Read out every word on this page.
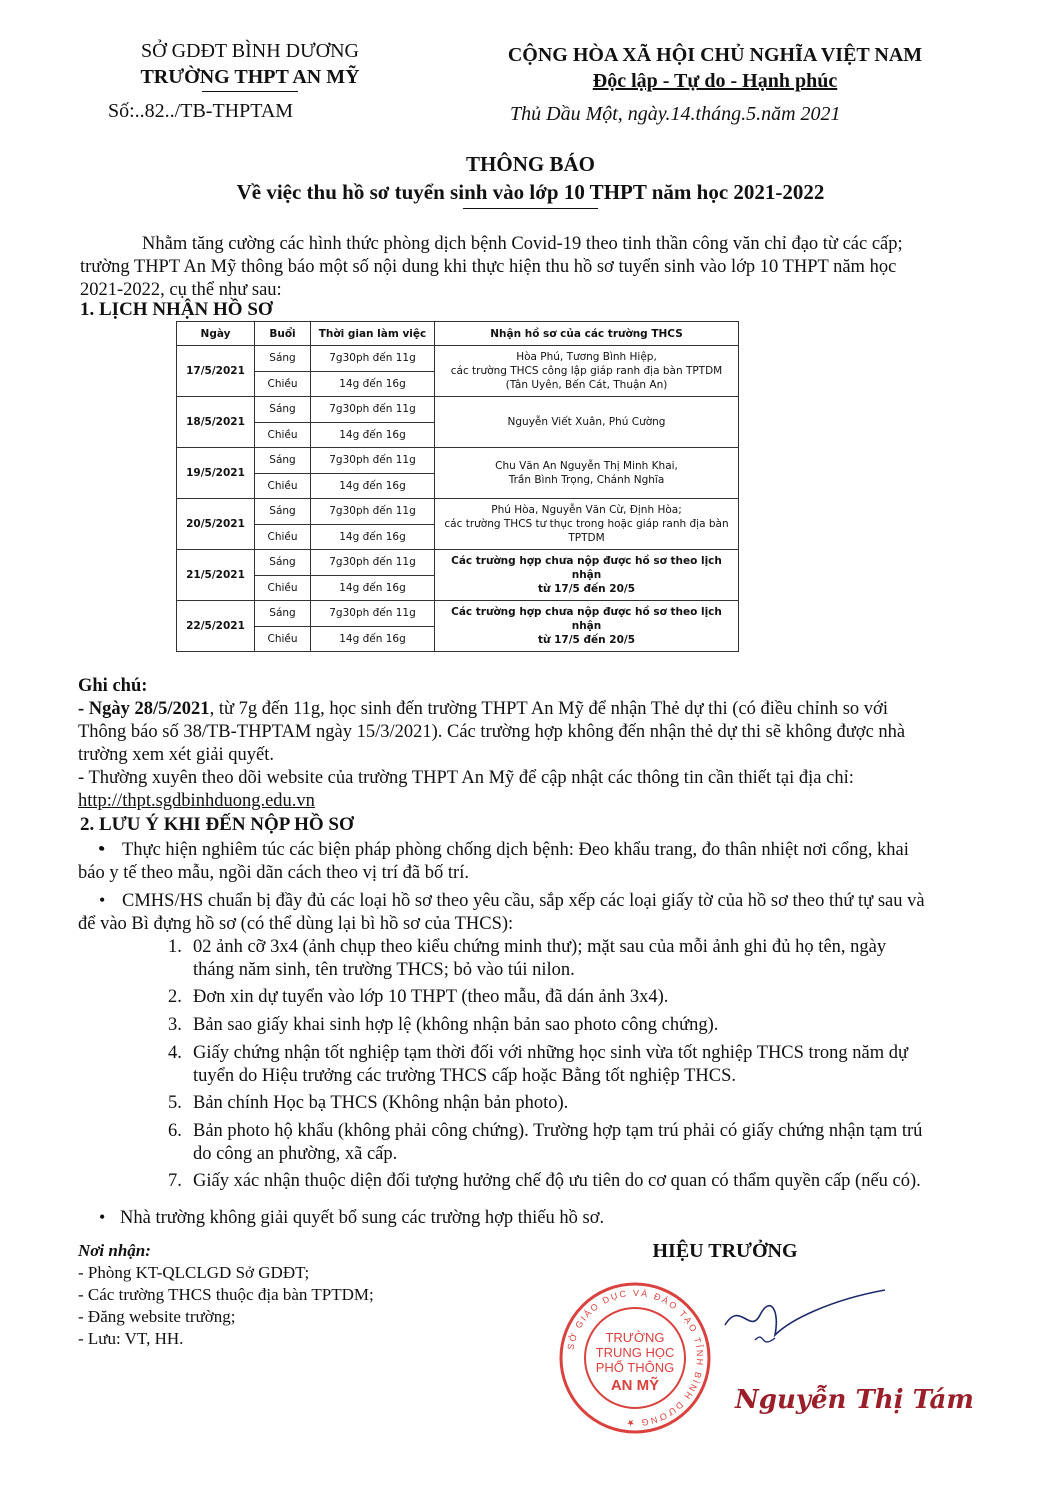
SỞ GDĐT BÌNH DƯƠNG
TRƯỜNG THPT AN MỸ
Số:..82../TB-THPTAM
CỘNG HÒA XÃ HỘI CHỦ NGHĨA VIỆT NAM
Độc lập - Tự do - Hạnh phúc
Thủ Dầu Một, ngày.14.tháng.5.năm 2021
THÔNG BÁO
Về việc thu hồ sơ tuyển sinh vào lớp 10 THPT năm học 2021-2022
Nhằm tăng cường các hình thức phòng dịch bệnh Covid-19 theo tinh thần công văn chỉ đạo từ các cấp;
trường THPT An Mỹ thông báo một số nội dung khi thực hiện thu hồ sơ tuyển sinh vào lớp 10 THPT năm học
2021-2022, cụ thể như sau:
1. LỊCH NHẬN HỒ SƠ
Ngày	Buổi	Thời gian làm việc	Nhận hồ sơ của các trường THCS
17/5/2021	Sáng	7g30ph đến 11g	Hòa Phú, Tương Bình Hiệp,
các trường THCS công lập giáp ranh địa bàn TPTDM
(Tân Uyên, Bến Cát, Thuận An)

	Chiều	14g đến 16g	
18/5/2021	Sáng	7g30ph đến 11g	Nguyễn Viết Xuân, Phú Cường

	Chiều	14g đến 16g	
19/5/2021	Sáng	7g30ph đến 11g	Chu Văn An Nguyễn Thị Minh Khai,
Trần Bình Trọng, Chánh Nghĩa

	Chiều	14g đến 16g	
20/5/2021	Sáng	7g30ph đến 11g	Phú Hòa, Nguyễn Văn Cừ, Định Hòa;
các trường THCS tư thục trong hoặc giáp ranh địa bàn
TPTDM

	Chiều	14g đến 16g	
21/5/2021	Sáng	7g30ph đến 11g	Các trường hợp chưa nộp được hồ sơ theo lịch nhận
từ 17/5 đến 20/5

	Chiều	14g đến 16g	
22/5/2021	Sáng	7g30ph đến 11g	Các trường hợp chưa nộp được hồ sơ theo lịch nhận
từ 17/5 đến 20/5

	Chiều	14g đến 16g	
Ghi chú:
- Ngày 28/5/2021, từ 7g đến 11g, học sinh đến trường THPT An Mỹ để nhận Thẻ dự thi (có điều chỉnh so với
Thông báo số 38/TB-THPTAM ngày 15/3/2021). Các trường hợp không đến nhận thẻ dự thi sẽ không được nhà
trường xem xét giải quyết.
- Thường xuyên theo dõi website của trường THPT An Mỹ để cập nhật các thông tin cần thiết tại địa chỉ:
http://thpt.sgdbinhduong.edu.vn
2. LƯU Ý KHI ĐẾN NỘP HỒ SƠ
Thực hiện nghiêm túc các biện pháp phòng chống dịch bệnh: Đeo khẩu trang, đo thân nhiệt nơi cổng, khai
báo y tế theo mẫu, ngồi dãn cách theo vị trí đã bố trí.
•
CMHS/HS chuẩn bị đầy đủ các loại hồ sơ theo yêu cầu, sắp xếp các loại giấy tờ của hồ sơ theo thứ tự sau và
để vào Bì đựng hồ sơ (có thể dùng lại bì hồ sơ của THCS):
•
1. 02 ảnh cỡ 3x4 (ảnh chụp theo kiểu chứng minh thư); mặt sau của mỗi ảnh ghi đủ họ tên, ngày
tháng năm sinh, tên trường THCS; bỏ vào túi nilon.
2. Đơn xin dự tuyển vào lớp 10 THPT (theo mẫu, đã dán ảnh 3x4).
3. Bản sao giấy khai sinh hợp lệ (không nhận bản sao photo công chứng).
4. Giấy chứng nhận tốt nghiệp tạm thời đối với những học sinh vừa tốt nghiệp THCS trong năm dự
tuyển do Hiệu trưởng các trường THCS cấp hoặc Bằng tốt nghiệp THCS.
5. Bản chính Học bạ THCS (Không nhận bản photo).
6. Bản photo hộ khẩu (không phải công chứng). Trường hợp tạm trú phải có giấy chứng nhận tạm trú
do công an phường, xã cấp.
7. Giấy xác nhận thuộc diện đối tượng hưởng chế độ ưu tiên do cơ quan có thẩm quyền cấp (nếu có).
• Nhà trường không giải quyết bổ sung các trường hợp thiếu hồ sơ.
Nơi nhận:
- Phòng KT-QLCLGD Sở GDĐT;
- Các trường THCS thuộc địa bàn TPTDM;
- Đăng website trường;
- Lưu: VT, HH.
HIỆU TRƯỞNG
TRƯỜNG
TRUNG HỌC
PHỔ THÔNG
AN MỸ
SỞ GIÁO DỤC VÀ ĐÀO TẠO TỈNH BÌNH DƯƠNG ★
Nguyễn Thị Tám
